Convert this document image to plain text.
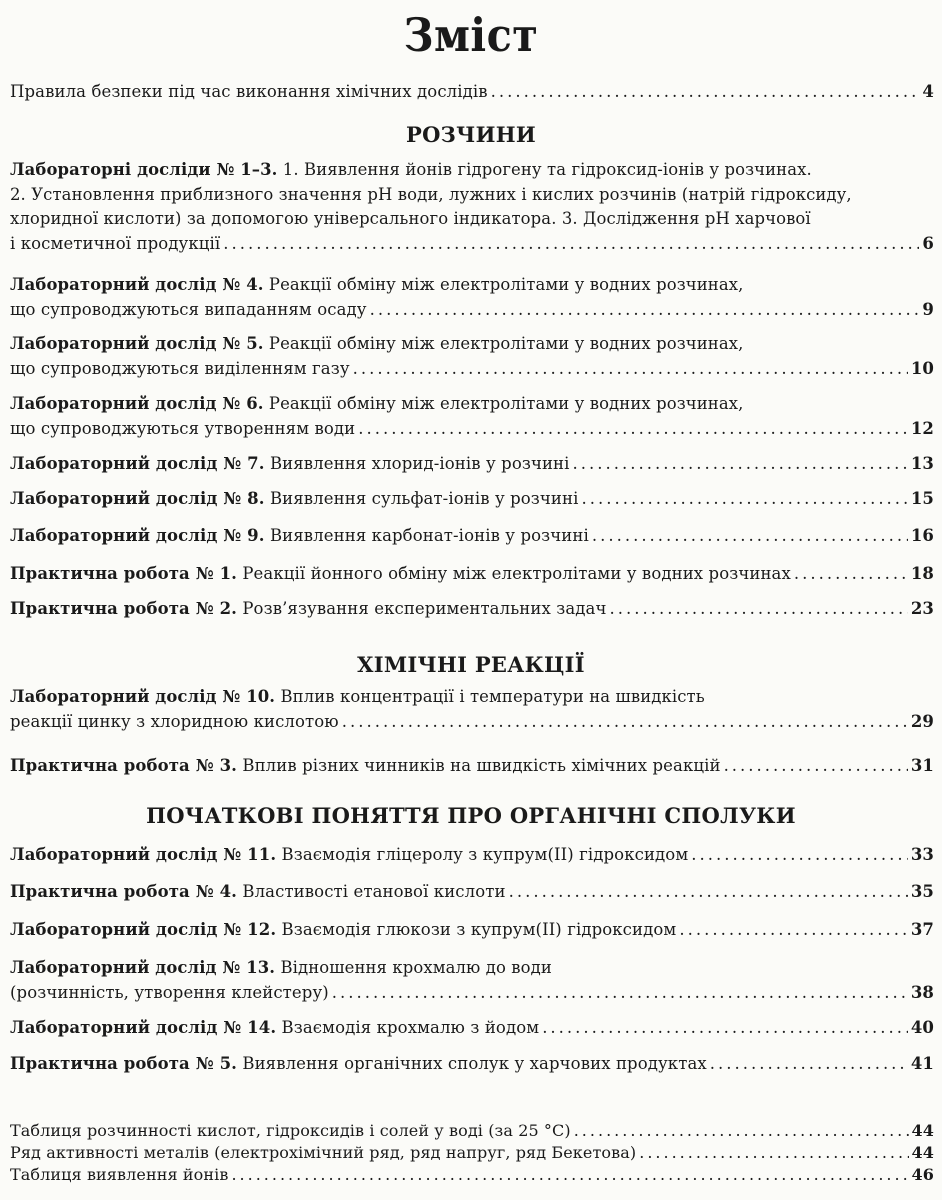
Зміст
Правила безпеки під час виконання хімічних дослідів .....	4
РОЗЧИНИ
Лабораторні досліди № 1–3. 1. Виявлення йонів гідрогену та гідроксид-іонів у розчинах.
2. Установлення приблизного значення pH води, лужних і кислих розчинів (натрій гідроксиду,
хлоридної кислоти) за допомогою універсального індикатора. 3. Дослідження pH харчової
і косметичної продукції .....	6
Лабораторний дослід № 4. Реакції обміну між електролітами у водних розчинах,
що супроводжуються випаданням осаду .....	9
Лабораторний дослід № 5. Реакції обміну між електролітами у водних розчинах,
що супроводжуються виділенням газу .....	10
Лабораторний дослід № 6. Реакції обміну між електролітами у водних розчинах,
що супроводжуються утворенням води .....	12
Лабораторний дослід № 7. Виявлення хлорид-іонів у розчині .....	13
Лабораторний дослід № 8. Виявлення сульфат-іонів у розчині .....	15
Лабораторний дослід № 9. Виявлення карбонат-іонів у розчині .....	16
Практична робота № 1. Реакції йонного обміну між електролітами у водних розчинах .....	18
Практична робота № 2. Розв’язування експериментальних задач .....	23
ХІМІЧНІ РЕАКЦІЇ
Лабораторний дослід № 10. Вплив концентрації і температури на швидкість
реакції цинку з хлоридною кислотою .....	29
Практична робота № 3. Вплив різних чинників на швидкість хімічних реакцій .....	31
ПОЧАТКОВІ ПОНЯТТЯ ПРО ОРГАНІЧНІ СПОЛУКИ
Лабораторний дослід № 11. Взаємодія гліцеролу з купрум(ІІ) гідроксидом .....	33
Практична робота № 4. Властивості етанової кислоти .....	35
Лабораторний дослід № 12. Взаємодія глюкози з купрум(ІІ) гідроксидом .....	37
Лабораторний дослід № 13. Відношення крохмалю до води
(розчинність, утворення клейстеру) .....	38
Лабораторний дослід № 14. Взаємодія крохмалю з йодом .....	40
Практична робота № 5. Виявлення органічних сполук у харчових продуктах .....	41
Таблиця розчинності кислот, гідроксидів і солей у воді (за 25 °С) .....	44
Ряд активності металів (електрохімічний ряд, ряд напруг, ряд Бекетова) .....	44
Таблиця виявлення йонів .....	46
